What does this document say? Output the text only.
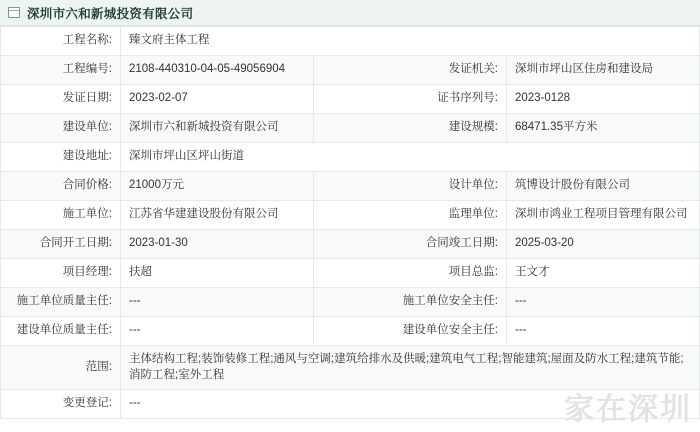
深圳市六和新城投资有限公司
工程名称:	臻文府主体工程		
工程编号:	2108-440310-04-05-49056904	发证机关:	深圳市坪山区住房和建设局
发证日期:	2023-02-07	证书序列号:	2023-0128
建设单位:	深圳市六和新城投资有限公司	建设规模:	68471.35平方米
建设地址:	深圳市坪山区坪山街道		
合同价格:	21000万元	设计单位:	筑博设计股份有限公司
施工单位:	江苏省华建建设股份有限公司	监理单位:	深圳市鸿业工程项目管理有限公司
合同开工日期:	2023-01-30	合同竣工日期:	2025-03-20
项目经理:	扶超	项目总监:	王文才
施工单位质量主任:	---	施工单位安全主任:	---
建设单位质量主任:	---	建设单位安全主任:	---
范围:	主体结构工程;装饰装修工程;通风与空调;建筑给排水及供暖;建筑电气工程;智能建筑;屋面及防水工程;建筑节能;消防工程;室外工程		
变更登记:	---			家在深圳
